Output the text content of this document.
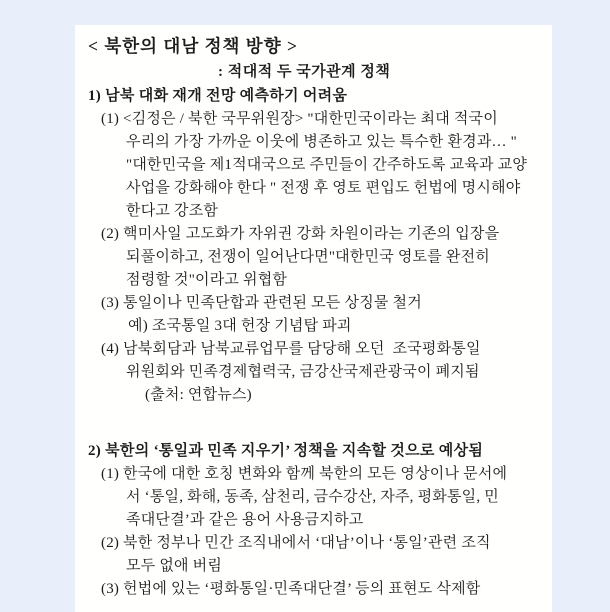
< 북한의 대남 정책 방향 >
: 적대적 두 국가관계 정책
1) 남북 대화 재개 전망 예측하기 어려움
(1) <김정은 / 북한 국무위원장> "대한민국이라는 최대 적국이
우리의 가장 가까운 이웃에 병존하고 있는 특수한 환경과… "
"대한민국을 제1적대국으로 주민들이 간주하도록 교육과 교양
사업을 강화해야 한다 " 전쟁 후 영토 편입도 헌법에 명시해야
한다고 강조함
(2) 핵미사일 고도화가 자위권 강화 차원이라는 기존의 입장을
되풀이하고, 전쟁이 일어난다면"대한민국 영토를 완전히
점령할 것"이라고 위협함
(3) 통일이나 민족단합과 관련된 모든 상징물 철거
예) 조국통일 3대 헌장 기념탑 파괴
(4) 남북회담과 남북교류업무를 담당해 오던  조국평화통일
위원회와 민족경제협력국, 금강산국제관광국이 폐지됨
(출처: 연합뉴스)
2) 북한의 ‘통일과 민족 지우기’ 정책을 지속할 것으로 예상됨
(1) 한국에 대한 호칭 변화와 함께 북한의 모든 영상이나 문서에
서 ‘통일, 화해, 동족, 삼천리, 금수강산, 자주, 평화통일, 민
족대단결’과 같은 용어 사용금지하고
(2) 북한 정부나 민간 조직내에서 ‘대남’이나 ‘통일’관련 조직
모두 없애 버림
(3) 헌법에 있는 ‘평화통일·민족대단결’ 등의 표현도 삭제함
